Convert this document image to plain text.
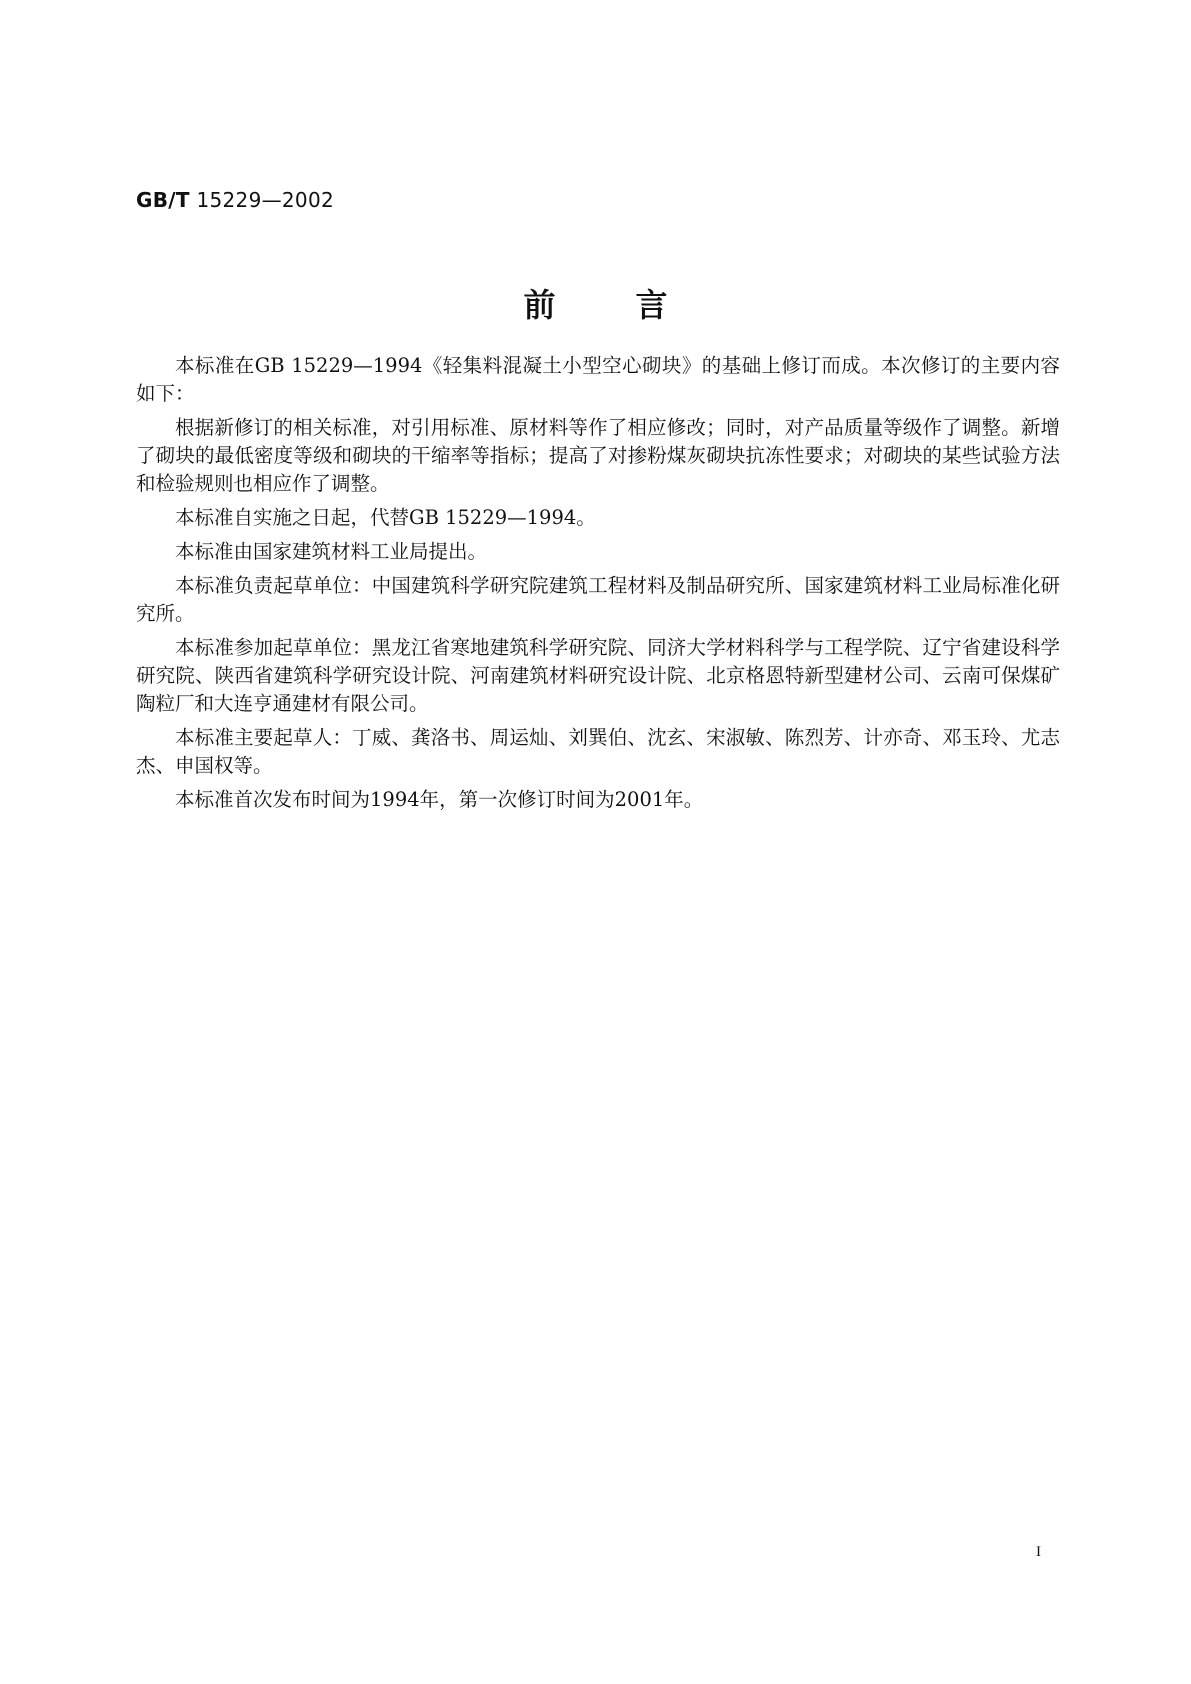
GB/T 15229—2002
前言

本标准在GB 15229—1994《轻集料混凝土小型空心砌块》的基础上修订而成。本次修订的主要内容如下：

根据新修订的相关标准，对引用标准、原材料等作了相应修改；同时，对产品质量等级作了调整。新增了砌块的最低密度等级和砌块的干缩率等指标；提高了对掺粉煤灰砌块抗冻性要求；对砌块的某些试验方法和检验规则也相应作了调整。

本标准自实施之日起，代替GB 15229—1994。

本标准由国家建筑材料工业局提出。

本标准负责起草单位：中国建筑科学研究院建筑工程材料及制品研究所、国家建筑材料工业局标准化研究所。

本标准参加起草单位：黑龙江省寒地建筑科学研究院、同济大学材料科学与工程学院、辽宁省建设科学研究院、陕西省建筑科学研究设计院、河南建筑材料研究设计院、北京格恩特新型建材公司、云南可保煤矿陶粒厂和大连亨通建材有限公司。

本标准主要起草人：丁威、龚洛书、周运灿、刘巽伯、沈玄、宋淑敏、陈烈芳、计亦奇、邓玉玲、尤志杰、申国权等。

本标准首次发布时间为1994年，第一次修订时间为2001年。

I
